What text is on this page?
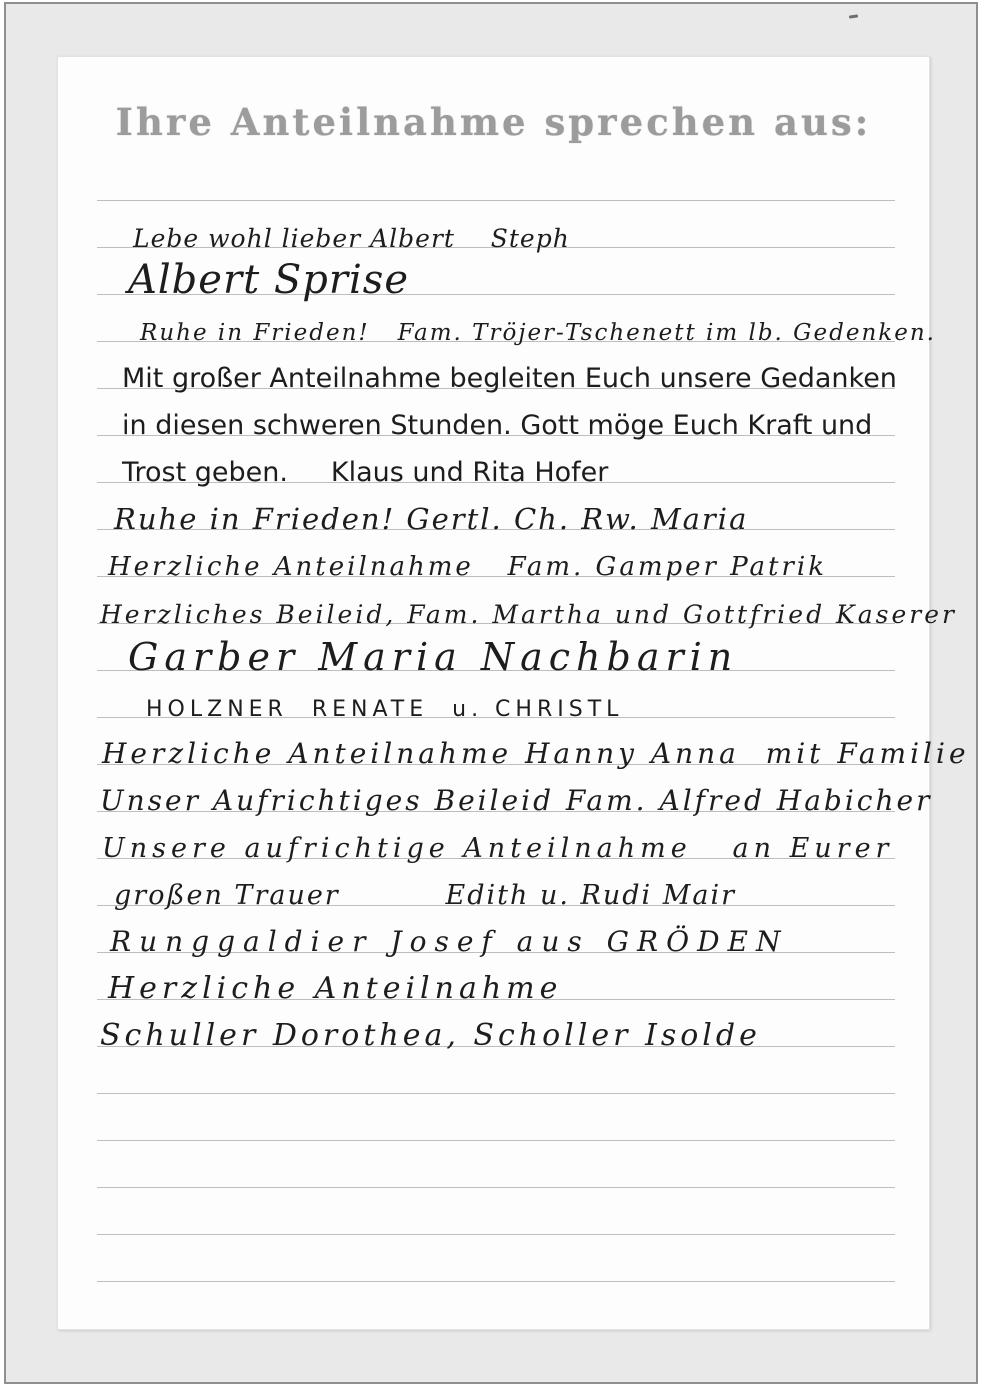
Ihre Anteilnahme sprechen aus:
Lebe wohl lieber Albert    Steph
Albert Sprise
Ruhe in Frieden!   Fam. Tröjer-Tschenett im lb. Gedenken.
Mit großer Anteilnahme begleiten Euch unsere Gedanken
in diesen schweren Stunden. Gott möge Euch Kraft und
Trost geben.     Klaus und Rita Hofer
Ruhe in Frieden! Gertl. Ch. Rw. Maria
Herzliche Anteilnahme   Fam. Gamper Patrik
Herzliches Beileid, Fam. Martha und Gottfried Kaserer
Garber Maria Nachbarin
HOLZNER  RENATE  u. CHRISTL
Herzliche Anteilnahme Hanny Anna  mit Familie
Unser Aufrichtiges Beileid Fam. Alfred Habicher
Unsere aufrichtige Anteilnahme   an Eurer
großen Trauer          Edith u. Rudi Mair
Runggaldier Josef aus GRÖDEN
Herzliche Anteilnahme
Schuller Dorothea, Scholler Isolde
